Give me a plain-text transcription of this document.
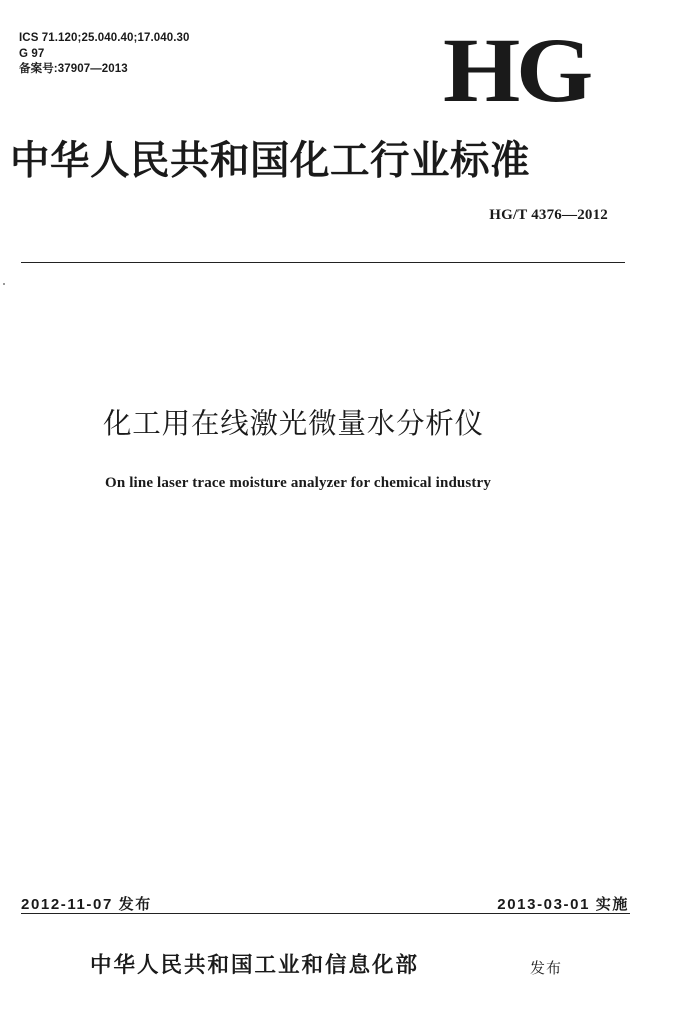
ICS 71.120;25.040.40;17.040.30
G 97
备案号:37907—2013	HG
中华人民共和国化工行业标准
HG/T 4376—2012
化工用在线激光微量水分析仪
On line laser trace moisture analyzer for chemical industry
2012-11-07 发布	2013-03-01 实施
中华人民共和国工业和信息化部	发布
